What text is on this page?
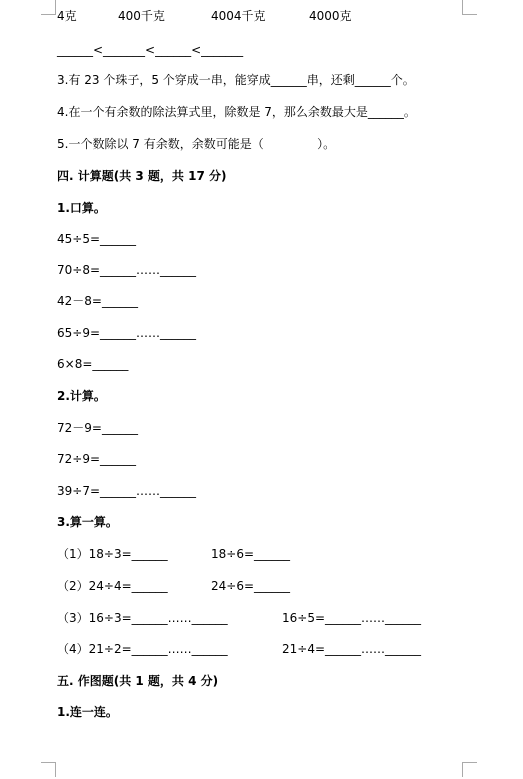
4克	400千克	4004千克	4000克
______<_______<______<_______
3.有 23 个珠子，5 个穿成一串，能穿成______串，还剩______个。
4.在一个有余数的除法算式里，除数是 7，那么余数最大是______。
5.一个数除以 7 有余数，余数可能是（              ）。
四. 计算题(共 3 题，共 17 分)
1.口算。
45÷5=______
70÷8=______……______
42－8=______
65÷9=______……______
6×8=______
2.计算。
72－9=______
72÷9=______
39÷7=______……______
3.算一算。
（1）18÷3=______	18÷6=______
（2）24÷4=______	24÷6=______
（3）16÷3=______……______	16÷5=______……______
（4）21÷2=______……______	21÷4=______……______
五. 作图题(共 1 题，共 4 分)
1.连一连。
